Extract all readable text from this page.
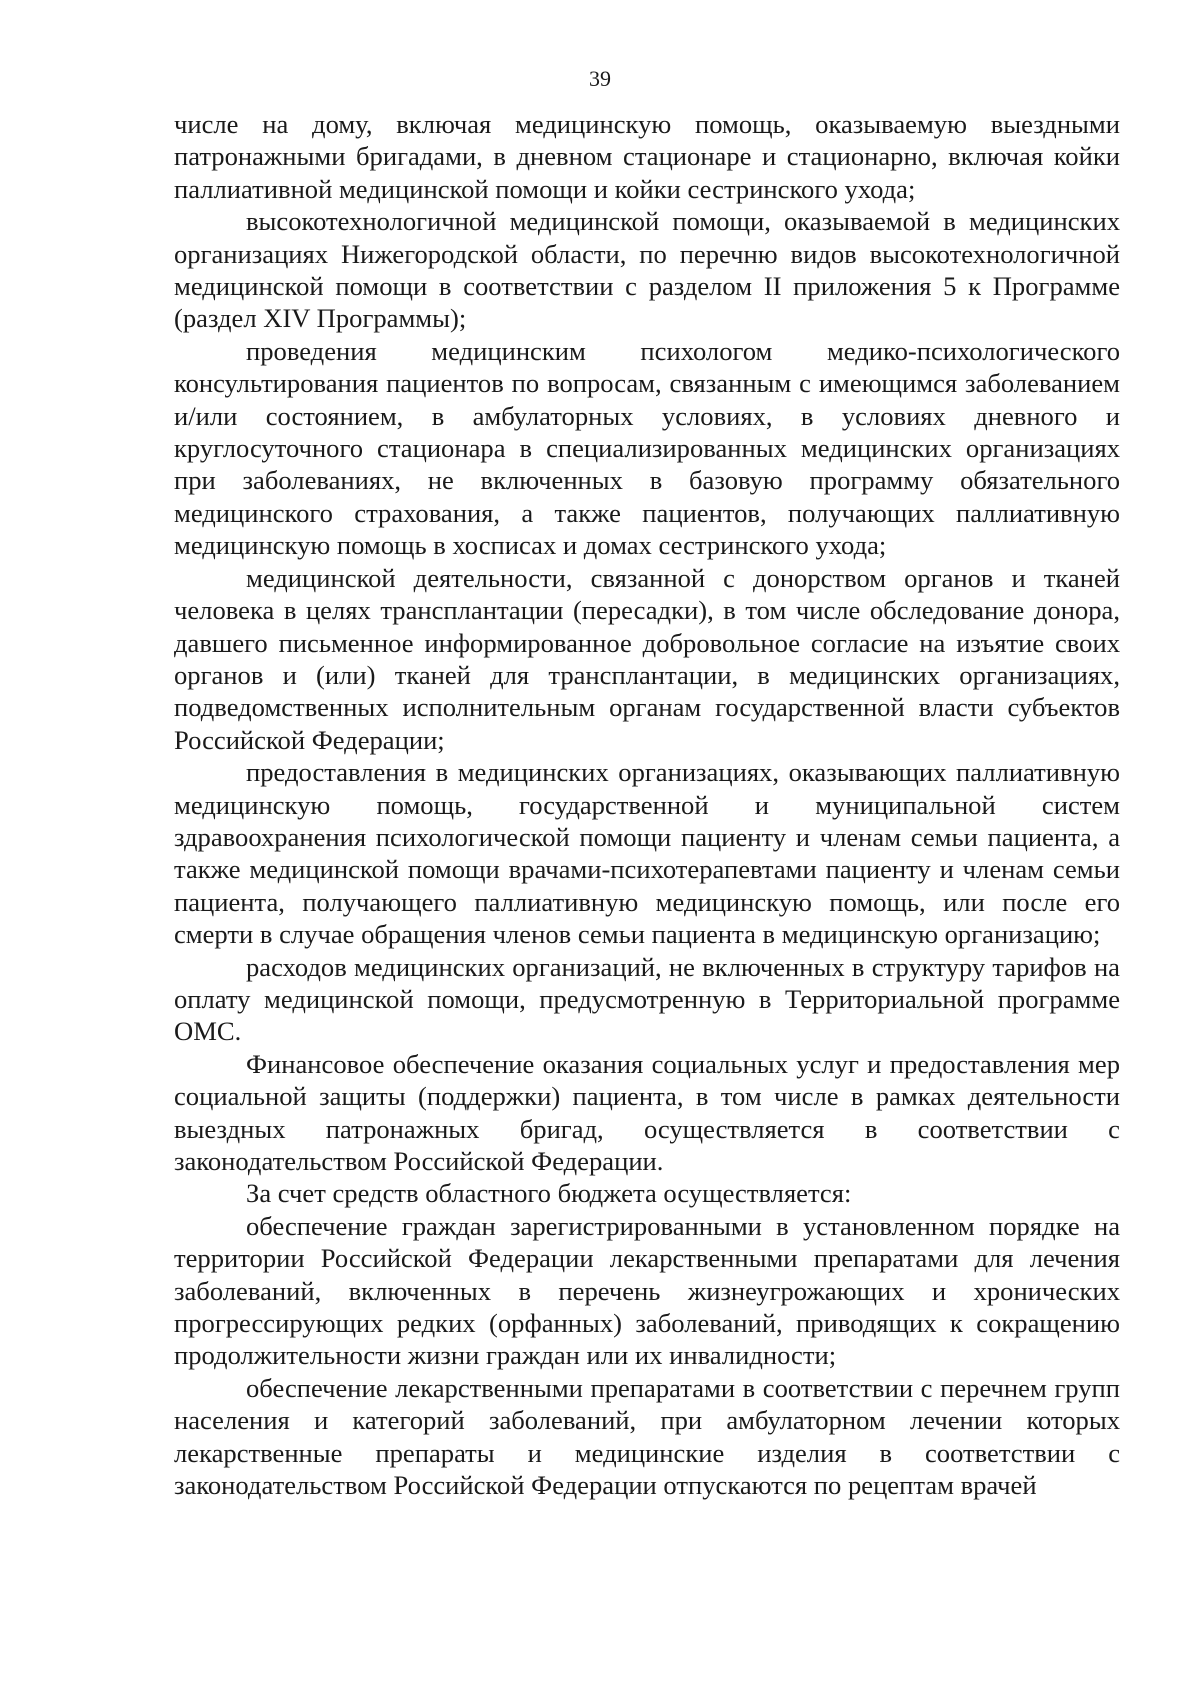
39

числе на дому, включая медицинскую помощь, оказываемую выездными патронажными бригадами, в дневном стационаре и стационарно, включая койки паллиативной медицинской помощи и койки сестринского ухода;

высокотехнологичной медицинской помощи, оказываемой в медицинских организациях Нижегородской области, по перечню видов высокотехнологичной медицинской помощи в соответствии с разделом II приложения 5 к Программе (раздел XIV Программы);

проведения медицинским психологом медико-психологического консультирования пациентов по вопросам, связанным с имеющимся заболеванием и/или состоянием, в амбулаторных условиях, в условиях дневного и круглосуточного стационара в специализированных медицинских организациях при заболеваниях, не включенных в базовую программу обязательного медицинского страхования, а также пациентов, получающих паллиативную медицинскую помощь в хосписах и домах сестринского ухода;

медицинской деятельности, связанной с донорством органов и тканей человека в целях трансплантации (пересадки), в том числе обследование донора, давшего письменное информированное добровольное согласие на изъятие своих органов и (или) тканей для трансплантации, в медицинских организациях, подведомственных исполнительным органам государственной власти субъектов Российской Федерации;

предоставления в медицинских организациях, оказывающих паллиативную медицинскую помощь, государственной и муниципальной систем здравоохранения психологической помощи пациенту и членам семьи пациента, а также медицинской помощи врачами-психотерапевтами пациенту и членам семьи пациента, получающего паллиативную медицинскую помощь, или после его смерти в случае обращения членов семьи пациента в медицинскую организацию;

расходов медицинских организаций, не включенных в структуру тарифов на оплату медицинской помощи, предусмотренную в Территориальной программе ОМС.

Финансовое обеспечение оказания социальных услуг и предоставления мер социальной защиты (поддержки) пациента, в том числе в рамках деятельности выездных патронажных бригад, осуществляется в соответствии с законодательством Российской Федерации.

За счет средств областного бюджета осуществляется:

обеспечение граждан зарегистрированными в установленном порядке на территории Российской Федерации лекарственными препаратами для лечения заболеваний, включенных в перечень жизнеугрожающих и хронических прогрессирующих редких (орфанных) заболеваний, приводящих к сокращению продолжительности жизни граждан или их инвалидности;

обеспечение лекарственными препаратами в соответствии с перечнем групп населения и категорий заболеваний, при амбулаторном лечении которых лекарственные препараты и медицинские изделия в соответствии с законодательством Российской Федерации отпускаются по рецептам врачей
